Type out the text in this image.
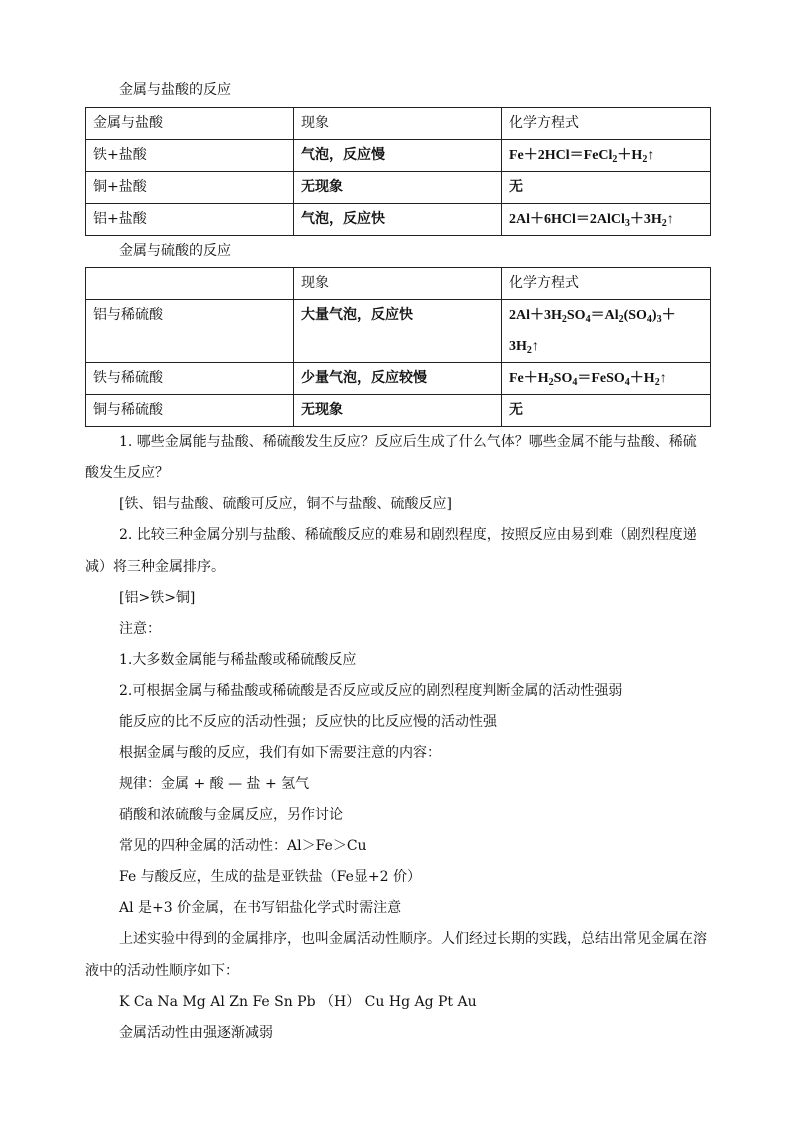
金属与盐酸的反应
金属与盐酸	现象	化学方程式
铁+盐酸	气泡，反应慢	$Fe+2HCl=FeCl_2+H_2↑$
铜+盐酸	无现象	无
铝+盐酸	气泡，反应快	$2Al+6HCl=2AlCl_3+3H_2↑$
金属与硫酸的反应
	现象	化学方程式
铝与稀硫酸	大量气泡，反应快	$2Al+3H_2SO_4=Al_2(SO_4)_3+$
$3H_2↑$

铁与稀硫酸	少量气泡，反应较慢	$Fe+H_2SO_4=FeSO_4+H_2↑$
铜与稀硫酸	无现象	无
1. 哪些金属能与盐酸、稀硫酸发生反应？反应后生成了什么气体？哪些金属不能与盐酸、稀硫
酸发生反应？
[铁、铝与盐酸、硫酸可反应，铜不与盐酸、硫酸反应]
2. 比较三种金属分别与盐酸、稀硫酸反应的难易和剧烈程度，按照反应由易到难（剧烈程度递
减）将三种金属排序。
[铝>铁>铜]
注意：
1.大多数金属能与稀盐酸或稀硫酸反应
2.可根据金属与稀盐酸或稀硫酸是否反应或反应的剧烈程度判断金属的活动性强弱
能反应的比不反应的活动性强；反应快的比反应慢的活动性强
根据金属与酸的反应，我们有如下需要注意的内容：
规律：金属 + 酸 — 盐 + 氢气
硝酸和浓硫酸与金属反应，另作讨论
常见的四种金属的活动性：Al＞Fe＞Cu
Fe 与酸反应，生成的盐是亚铁盐（Fe显+2 价）
Al 是+3 价金属，在书写铝盐化学式时需注意
上述实验中得到的金属排序，也叫金属活动性顺序。人们经过长期的实践，总结出常见金属在溶
液中的活动性顺序如下：
K Ca Na Mg Al Zn Fe Sn Pb （H） Cu Hg Ag Pt Au
金属活动性由强逐渐减弱
